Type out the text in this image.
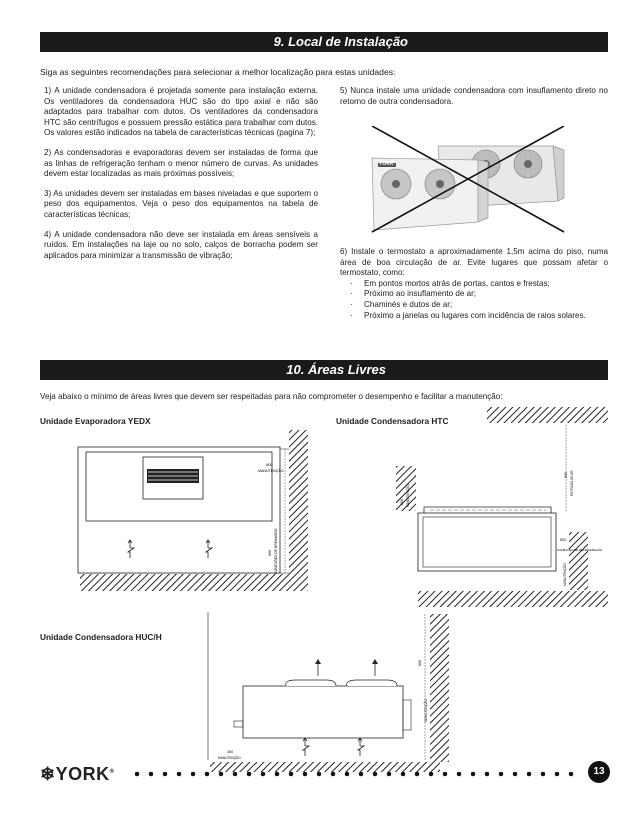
9. Local de Instalação
Siga as seguintes recomendações para selecionar a melhor localização para estas unidades:
1) A unidade condensadora é projetada somente para instalação externa. Os ventiladores da condensadora HUC são do tipo axial e não são adaptados para trabalhar com dutos. Os ventiladores da condensadora HTC são centrífugos e possuem pressão estática para trabalhar com dutos. Os valores estão indicados na tabela de características técnicas (pagina 7);
2) As condensadoras e evaporadoras devem ser instaladas de forma que as linhas de refrigeração tenham o menor número de curvas. As unidades devem estar localizadas as mais próximas possíveis;
3) As unidades devem ser instaladas em bases niveladas e que suportem o peso dos equipamentos. Veja o peso dos equipamentos na tabela de características técnicas;
4) A unidade condensadora não deve ser instalada em áreas sensíveis a ruídos. Em instalações na laje ou no solo, calços de borracha podem ser aplicados para minimizar a transmissão de vibração;
5) Nunca instale uma unidade condensadora com insuflamento direto no retorno de outra condensadora.
YORK
6) Instale o termostato a aproximadamente 1,5m acima do piso, numa área de boa circulação de ar. Evite lugares que possam afetar o termostato, como:
· Em pontos mortos atrás de portas, cantos e frestas;
· Próximo ao insuflamento de ar;
· Chaminés e dutos de ar;
· Próximo a janelas ou lugares com incidência de raios solares.
10. Áreas Livres
Veja abaixo o mínimo de áreas livres que devem ser respeitadas para não comprometer o desempenho e facilitar a manutenção:
Unidade Evaporadora YEDX	Unidade Condensadora HTC
Unidade Condensadora HUC/H
600
MANUTENÇÃO
600 CONEXÕES DE DRENAGEM
600 ENTRADA DE AR
600 MANUTENÇÃO
500
CONEXÕES DE REFRIGERAÇÃO
MANUTENÇÃO
600
MANUTENÇÃO
300
MANUTENÇÃO
❄YORK®	13
